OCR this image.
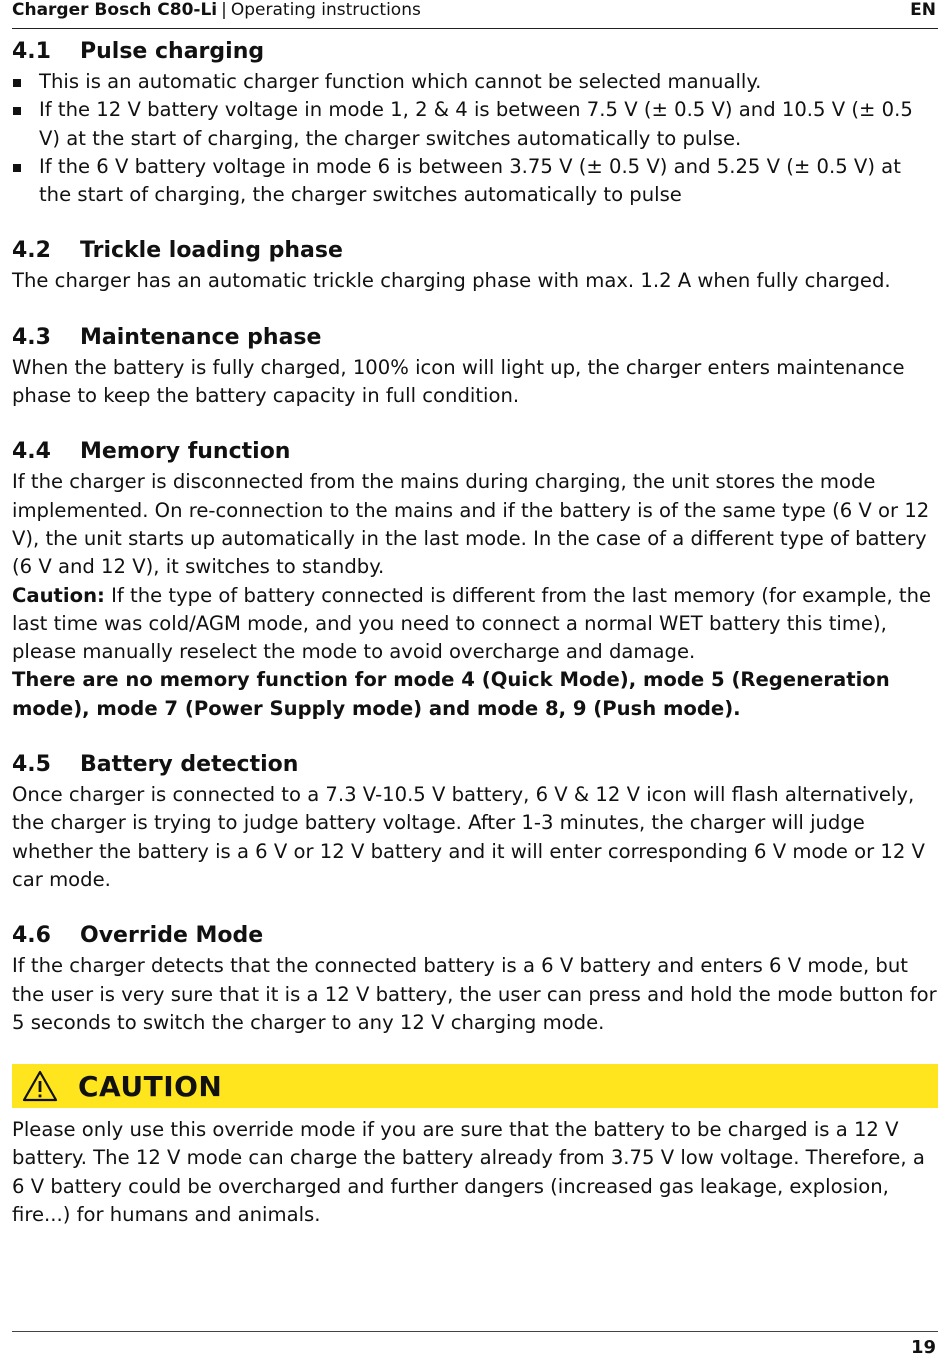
Charger Bosch C80-Li | Operating instructions	EN
4.1 Pulse charging
This is an automatic charger function which cannot be selected manually.
If the 12 V battery voltage in mode 1, 2 & 4 is between 7.5 V (± 0.5 V) and 10.5 V (± 0.5 V) at the start of charging, the charger switches automatically to pulse.
If the 6 V battery voltage in mode 6 is between 3.75 V (± 0.5 V) and 5.25 V (± 0.5 V) at the start of charging, the charger switches automatically to pulse
4.2 Trickle loading phase

The charger has an automatic trickle charging phase with max. 1.2 A when fully charged.

4.3 Maintenance phase

When the battery is fully charged, 100% icon will light up, the charger enters maintenance phase to keep the battery capacity in full condition.

4.4 Memory function

If the charger is disconnected from the mains during charging, the unit stores the mode implemented. On re-connection to the mains and if the battery is of the same type (6 V or 12 V), the unit starts up automatically in the last mode. In the case of a different type of battery (6 V and 12 V), it switches to standby.

Caution: If the type of battery connected is different from the last memory (for example, the last time was cold/AGM mode, and you need to connect a normal WET battery this time), please manually reselect the mode to avoid overcharge and damage.

There are no memory function for mode 4 (Quick Mode), mode 5 (Regeneration mode), mode 7 (Power Supply mode) and mode 8, 9 (Push mode).

4.5 Battery detection

Once charger is connected to a 7.3 V-10.5 V battery, 6 V & 12 V icon will flash alternatively, the charger is trying to judge battery voltage. After 1-3 minutes, the charger will judge whether the battery is a 6 V or 12 V battery and it will enter corresponding 6 V mode or 12 V car mode.

4.6 Override Mode

If the charger detects that the connected battery is a 6 V battery and enters 6 V mode, but the user is very sure that it is a 12 V battery, the user can press and hold the mode button for 5 seconds to switch the charger to any 12 V charging mode.

CAUTION

Please only use this override mode if you are sure that the battery to be charged is a 12 V battery. The 12 V mode can charge the battery already from 3.75 V low voltage. Therefore, a 6 V battery could be overcharged and further dangers (increased gas leakage, explosion, fire...) for humans and animals.

19
